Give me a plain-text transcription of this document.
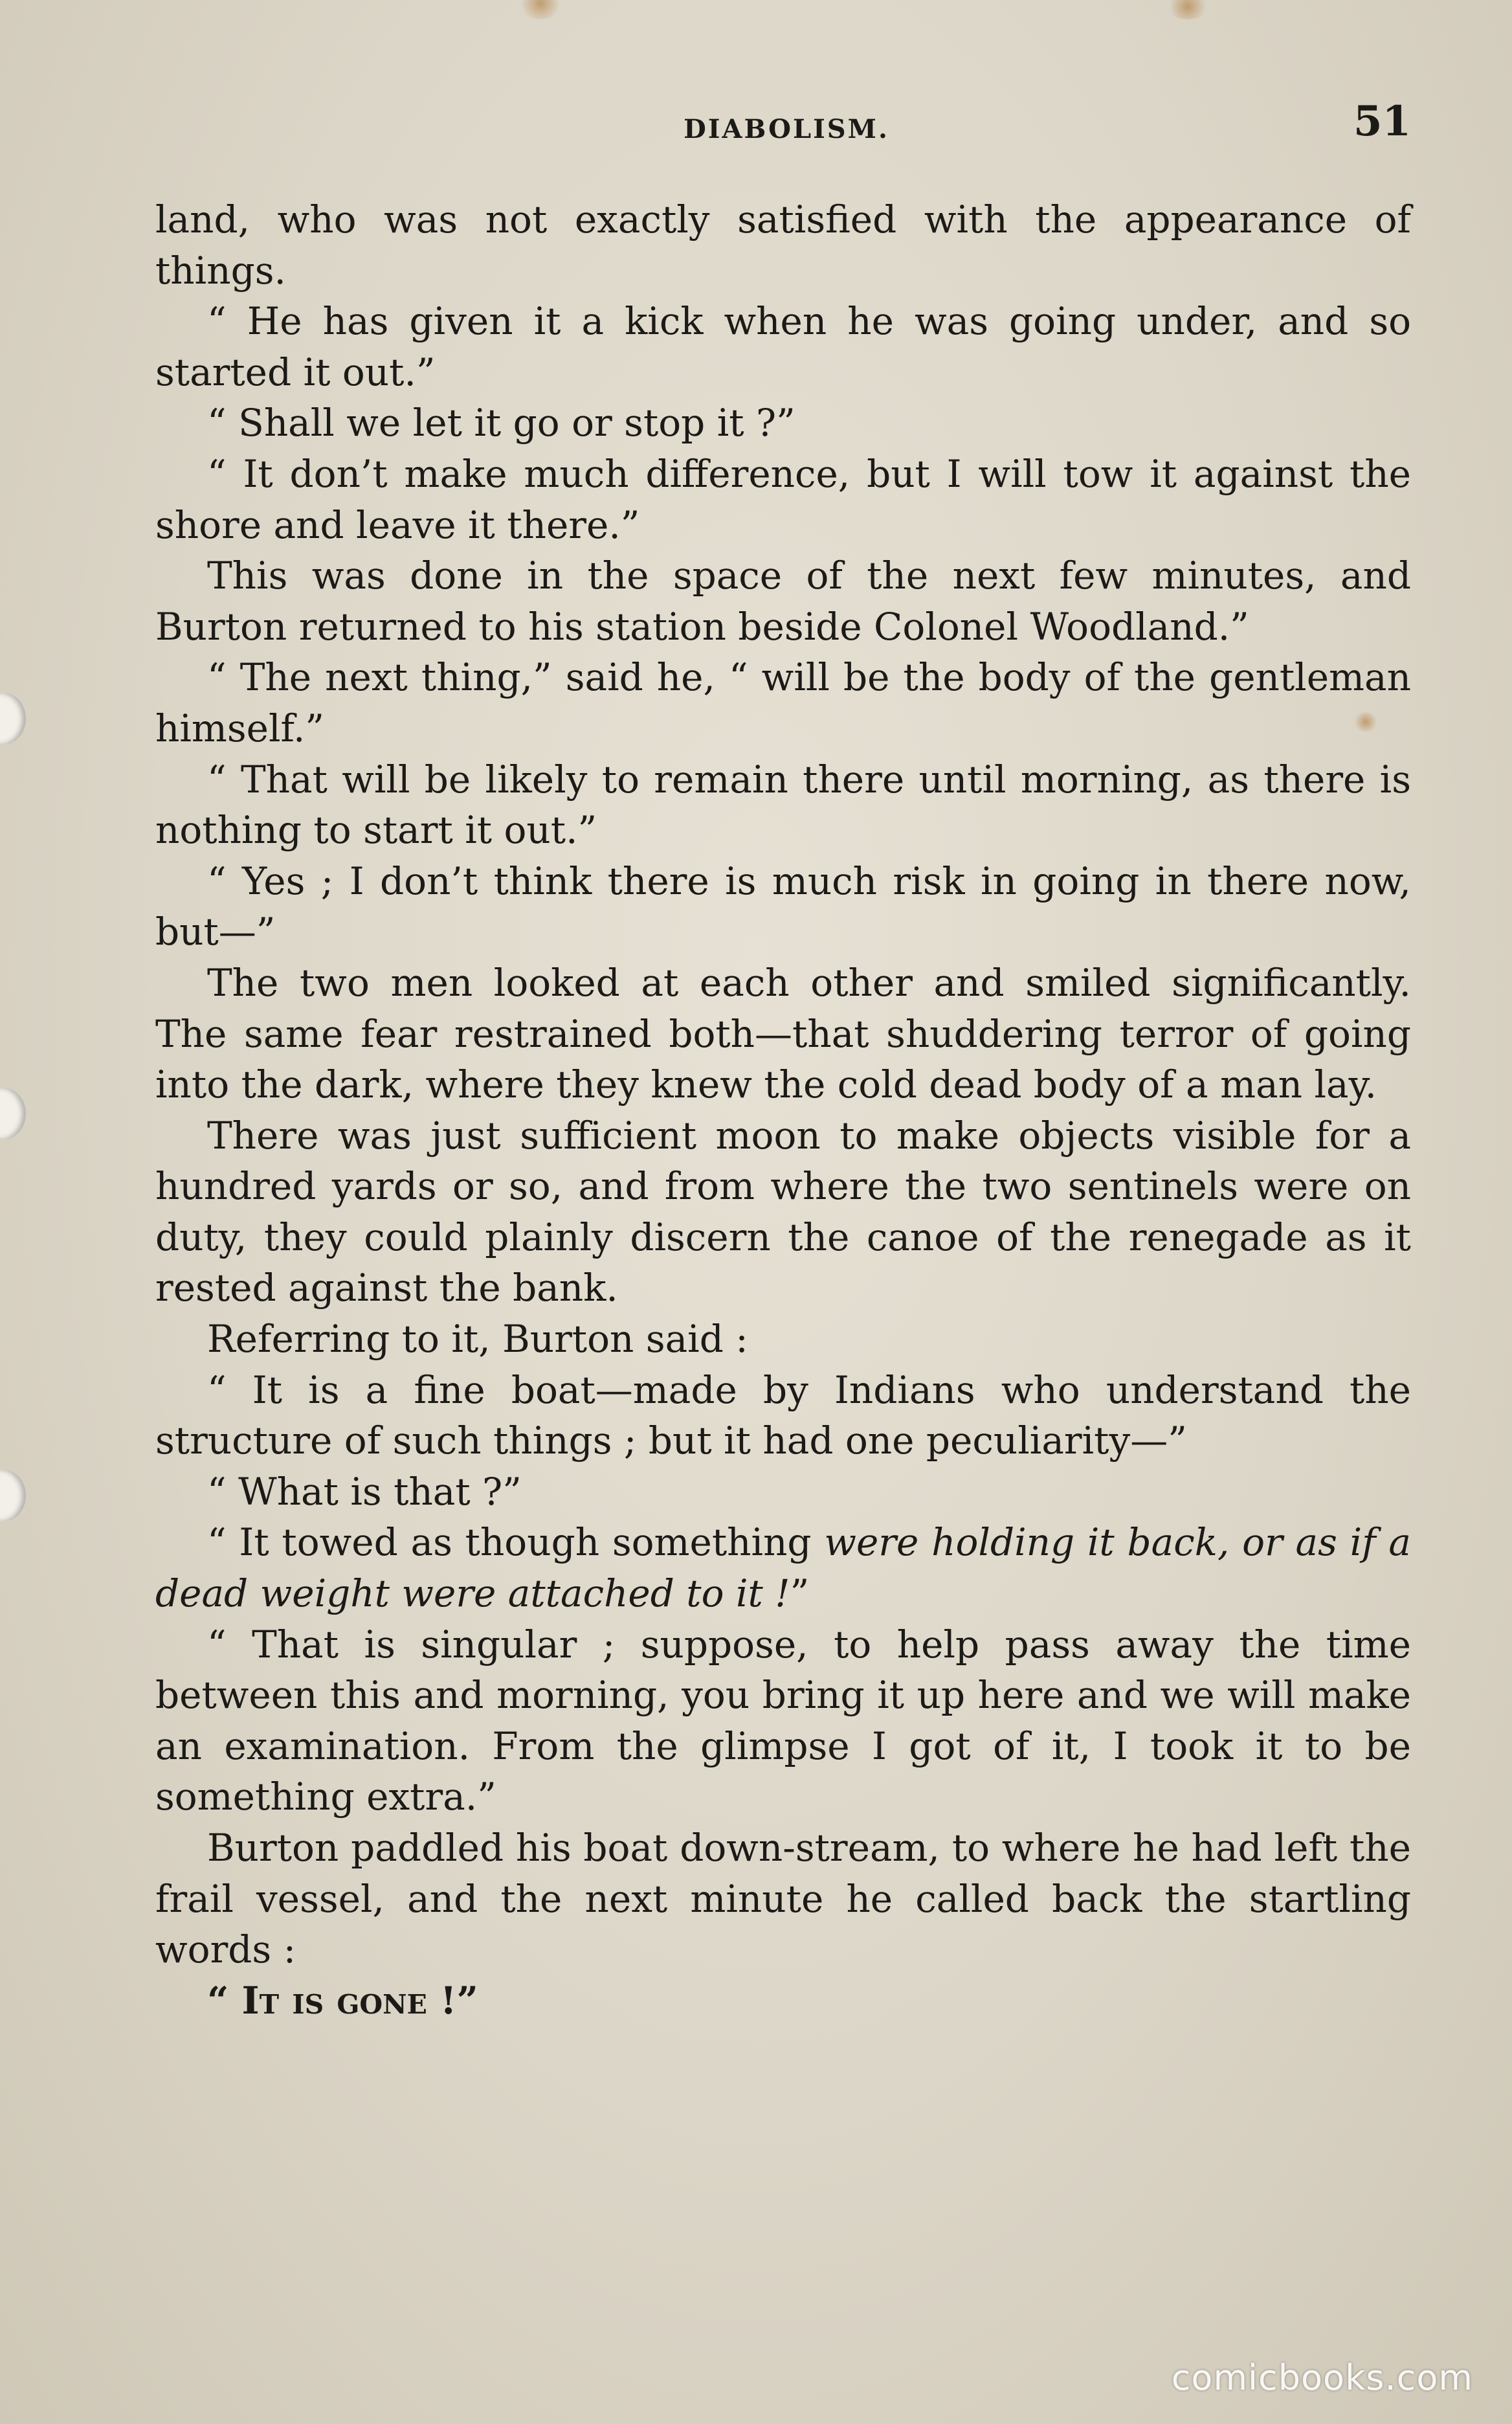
DIABOLISM.	51

land, who was not exactly satisfied with the appearance of things.

“ He has given it a kick when he was going under, and so started it out.”

“ Shall we let it go or stop it ?”

“ It don’t make much difference, but I will tow it against the shore and leave it there.”

This was done in the space of the next few minutes, and Burton returned to his station beside Colonel Woodland.”

“ The next thing,” said he, “ will be the body of the gentleman himself.”

“ That will be likely to remain there until morning, as there is nothing to start it out.”

“ Yes ; I don’t think there is much risk in going in there now, but—”

The two men looked at each other and smiled significantly. The same fear restrained both—that shuddering terror of going into the dark, where they knew the cold dead body of a man lay.

There was just sufficient moon to make objects visible for a hundred yards or so, and from where the two sentinels were on duty, they could plainly discern the canoe of the renegade as it rested against the bank.

Referring to it, Burton said :

“ It is a fine boat—made by Indians who understand the structure of such things ; but it had one peculiarity—”

“ What is that ?”

“ It towed as though something were holding it back, or as if a dead weight were attached to it !”

“ That is singular ; suppose, to help pass away the time between this and morning, you bring it up here and we will make an examination. From the glimpse I got of it, I took it to be something extra.”

Burton paddled his boat down-stream, to where he had left the frail vessel, and the next minute he called back the startling words :

“ It is gone !”

comicbooks.com
